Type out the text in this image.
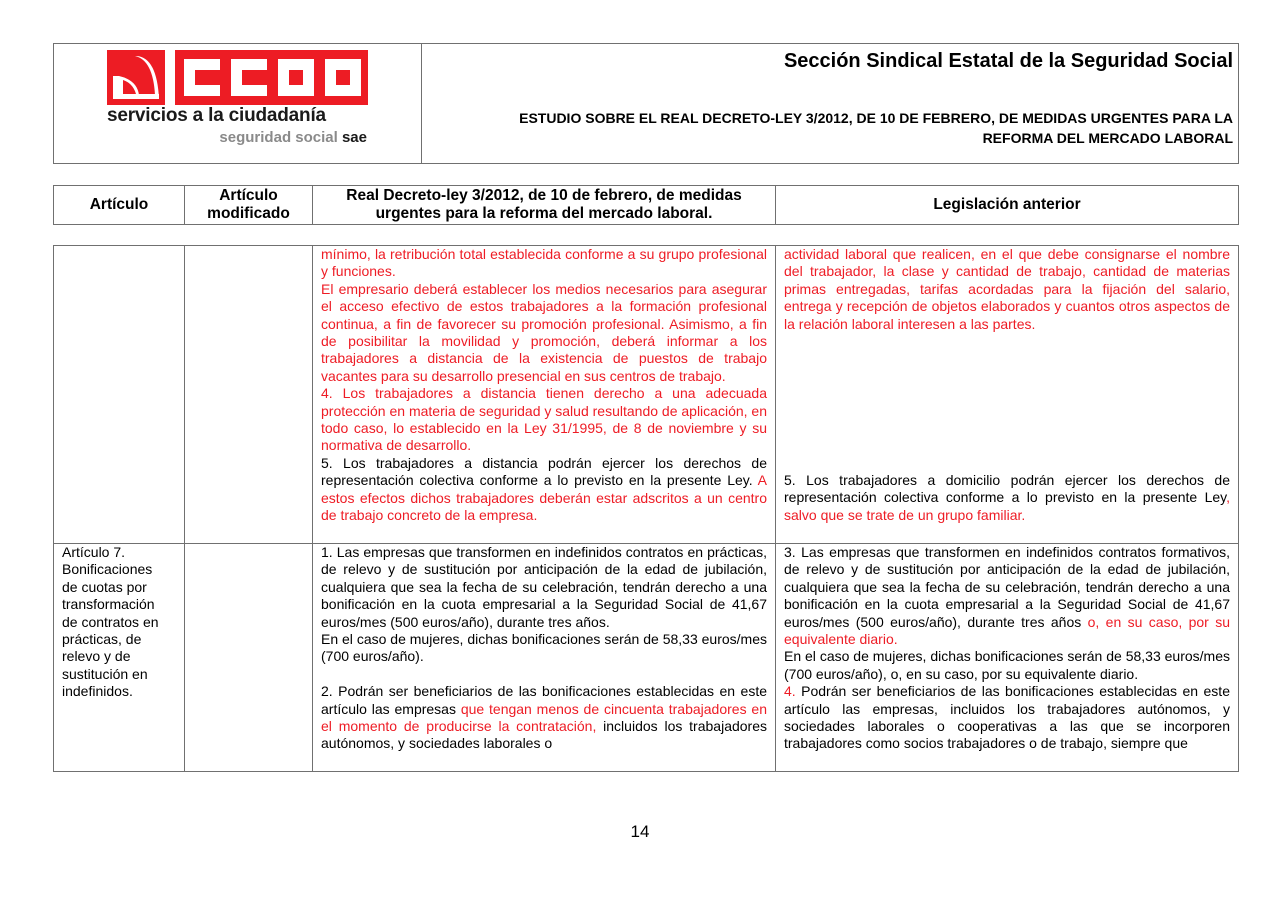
servicios a la ciudadanía
seguridad social sae
Sección Sindical Estatal de la Seguridad Social
ESTUDIO SOBRE EL REAL DECRETO-LEY 3/2012, DE 10 DE FEBRERO, DE MEDIDAS URGENTES PARA LA
REFORMA DEL MERCADO LABORAL
Artículo
Artículo modificado
Real Decreto-ley 3/2012, de 10 de febrero, de medidas urgentes para la reforma del mercado laboral.
Legislación anterior

mínimo, la retribución total establecida conforme a su grupo profesional y funciones.

El empresario deberá establecer los medios necesarios para asegurar el acceso efectivo de estos trabajadores a la formación profesional continua, a fin de favorecer su promoción profesional. Asimismo, a fin de posibilitar la movilidad y promoción, deberá informar a los trabajadores a distancia de la existencia de puestos de trabajo vacantes para su desarrollo presencial en sus centros de trabajo.

4. Los trabajadores a distancia tienen derecho a una adecuada protección en materia de seguridad y salud resultando de aplicación, en todo caso, lo establecido en la Ley 31/1995, de 8 de noviembre y su normativa de desarrollo.

5. Los trabajadores a distancia podrán ejercer los derechos de representación colectiva conforme a lo previsto en la presente Ley. A estos efectos dichos trabajadores deberán estar adscritos a un centro de trabajo concreto de la empresa.

actividad laboral que realicen, en el que debe consignarse el nombre del trabajador, la clase y cantidad de trabajo, cantidad de materias primas entregadas, tarifas acordadas para la fijación del salario, entrega y recepción de objetos elaborados y cuantos otros aspectos de la relación laboral interesen a las partes.

5. Los trabajadores a domicilio podrán ejercer los derechos de representación colectiva conforme a lo previsto en la presente Ley, salvo que se trate de un grupo familiar.

Artículo 7. Bonificaciones de cuotas por transformación de contratos en prácticas, de relevo y de sustitución en indefinidos.

1. Las empresas que transformen en indefinidos contratos en prácticas, de relevo y de sustitución por anticipación de la edad de jubilación, cualquiera que sea la fecha de su celebración, tendrán derecho a una bonificación en la cuota empresarial a la Seguridad Social de 41,67 euros/mes (500 euros/año), durante tres años.

En el caso de mujeres, dichas bonificaciones serán de 58,33 euros/mes (700 euros/año).

2. Podrán ser beneficiarios de las bonificaciones establecidas en este artículo las empresas que tengan menos de cincuenta trabajadores en el momento de producirse la contratación, incluidos los trabajadores autónomos, y sociedades laborales o

3. Las empresas que transformen en indefinidos contratos formativos, de relevo y de sustitución por anticipación de la edad de jubilación, cualquiera que sea la fecha de su celebración, tendrán derecho a una bonificación en la cuota empresarial a la Seguridad Social de 41,67 euros/mes (500 euros/año), durante tres años o, en su caso, por su equivalente diario.

En el caso de mujeres, dichas bonificaciones serán de 58,33 euros/mes (700 euros/año), o, en su caso, por su equivalente diario.

4. Podrán ser beneficiarios de las bonificaciones establecidas en este artículo las empresas, incluidos los trabajadores autónomos, y sociedades laborales o cooperativas a las que se incorporen trabajadores como socios trabajadores o de trabajo, siempre que

14
